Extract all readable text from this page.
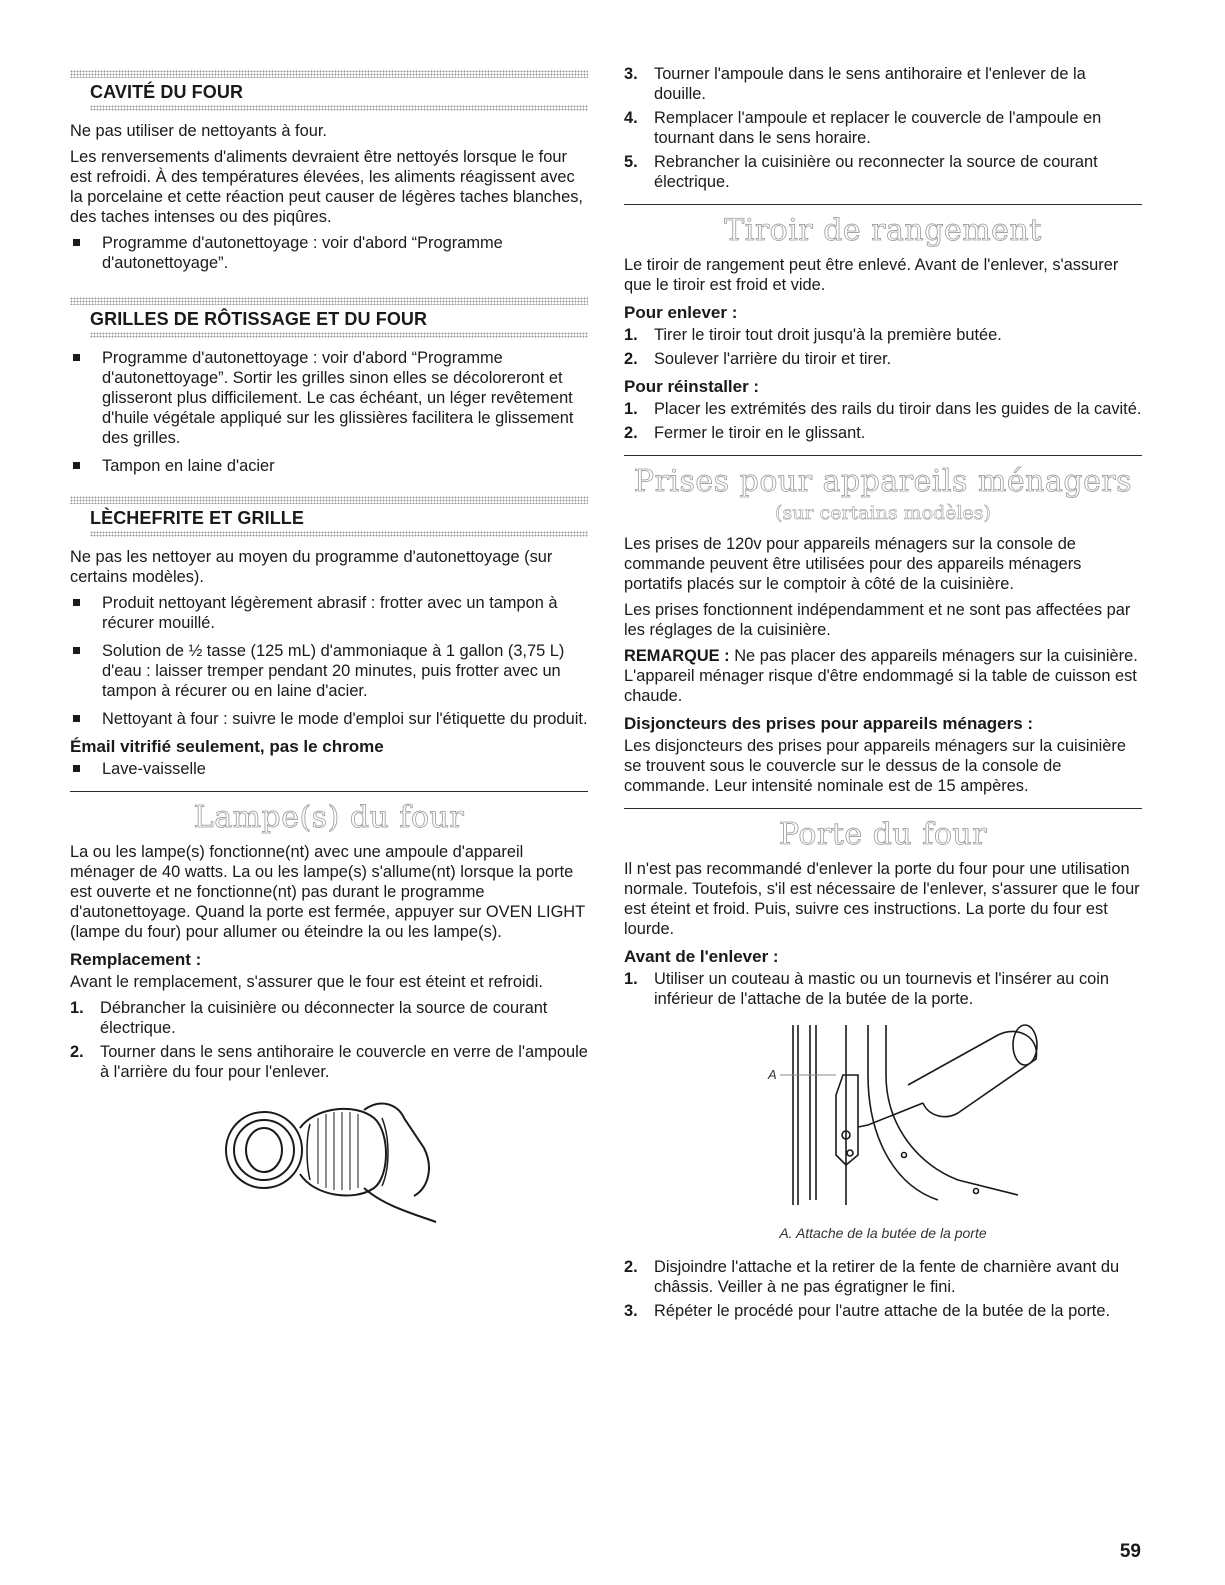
CAVITÉ DU FOUR

Ne pas utiliser de nettoyants à four.

Les renversements d'aliments devraient être nettoyés lorsque le four est refroidi. À des températures élevées, les aliments réagissent avec la porcelaine et cette réaction peut causer de légères taches blanches, des taches intenses ou des piqûres.

Programme d'autonettoyage : voir d'abord “Programme d'autonettoyage”.
GRILLES DE RÔTISSAGE ET DU FOUR
Programme d'autonettoyage : voir d'abord “Programme d'autonettoyage”. Sortir les grilles sinon elles se décoloreront et glisseront plus difficilement. Le cas échéant, un léger revêtement d'huile végétale appliqué sur les glissières facilitera le glissement des grilles.
Tampon en laine d'acier
LÈCHEFRITE ET GRILLE

Ne pas les nettoyer au moyen du programme d'autonettoyage (sur certains modèles).

Produit nettoyant légèrement abrasif : frotter avec un tampon à récurer mouillé.
Solution de ½ tasse (125 mL) d'ammoniaque à 1 gallon (3,75 L) d'eau : laisser tremper pendant 20 minutes, puis frotter avec un tampon à récurer ou en laine d'acier.
Nettoyant à four : suivre le mode d'emploi sur l'étiquette du produit.
Émail vitrifié seulement, pas le chrome
Lave-vaisselle
Lampe(s) du four

La ou les lampe(s) fonctionne(nt) avec une ampoule d'appareil ménager de 40 watts. La ou les lampe(s) s'allume(nt) lorsque la porte est ouverte et ne fonctionne(nt) pas durant le programme d'autonettoyage. Quand la porte est fermée, appuyer sur OVEN LIGHT (lampe du four) pour allumer ou éteindre la ou les lampe(s).

Remplacement :

Avant le remplacement, s'assurer que le four est éteint et refroidi.

1. Débrancher la cuisinière ou déconnecter la source de courant électrique.
2. Tourner dans le sens antihoraire le couvercle en verre de l'ampoule à l'arrière du four pour l'enlever.
3. Tourner l'ampoule dans le sens antihoraire et l'enlever de la douille.
4. Remplacer l'ampoule et replacer le couvercle de l'ampoule en tournant dans le sens horaire.
5. Rebrancher la cuisinière ou reconnecter la source de courant électrique.
Tiroir de rangement

Le tiroir de rangement peut être enlevé. Avant de l'enlever, s'assurer que le tiroir est froid et vide.

Pour enlever :
1. Tirer le tiroir tout droit jusqu'à la première butée.
2. Soulever l'arrière du tiroir et tirer.
Pour réinstaller :
1. Placer les extrémités des rails du tiroir dans les guides de la cavité.
2. Fermer le tiroir en le glissant.
Prises pour appareils ménagers
(sur certains modèles)

Les prises de 120v pour appareils ménagers sur la console de commande peuvent être utilisées pour des appareils ménagers portatifs placés sur le comptoir à côté de la cuisinière.

Les prises fonctionnent indépendamment et ne sont pas affectées par les réglages de la cuisinière.

REMARQUE : Ne pas placer des appareils ménagers sur la cuisinière. L'appareil ménager risque d'être endommagé si la table de cuisson est chaude.

Disjoncteurs des prises pour appareils ménagers :

Les disjoncteurs des prises pour appareils ménagers sur la cuisinière se trouvent sous le couvercle sur le dessus de la console de commande. Leur intensité nominale est de 15 ampères.

Porte du four

Il n'est pas recommandé d'enlever la porte du four pour une utilisation normale. Toutefois, s'il est nécessaire de l'enlever, s'assurer que le four est éteint et froid. Puis, suivre ces instructions. La porte du four est lourde.

Avant de l'enlever :
1. Utiliser un couteau à mastic ou un tournevis et l'insérer au coin inférieur de l'attache de la butée de la porte.
A
A. Attache de la butée de la porte
2. Disjoindre l'attache et la retirer de la fente de charnière avant du châssis. Veiller à ne pas égratigner le fini.
3. Répéter le procédé pour l'autre attache de la butée de la porte.
59
